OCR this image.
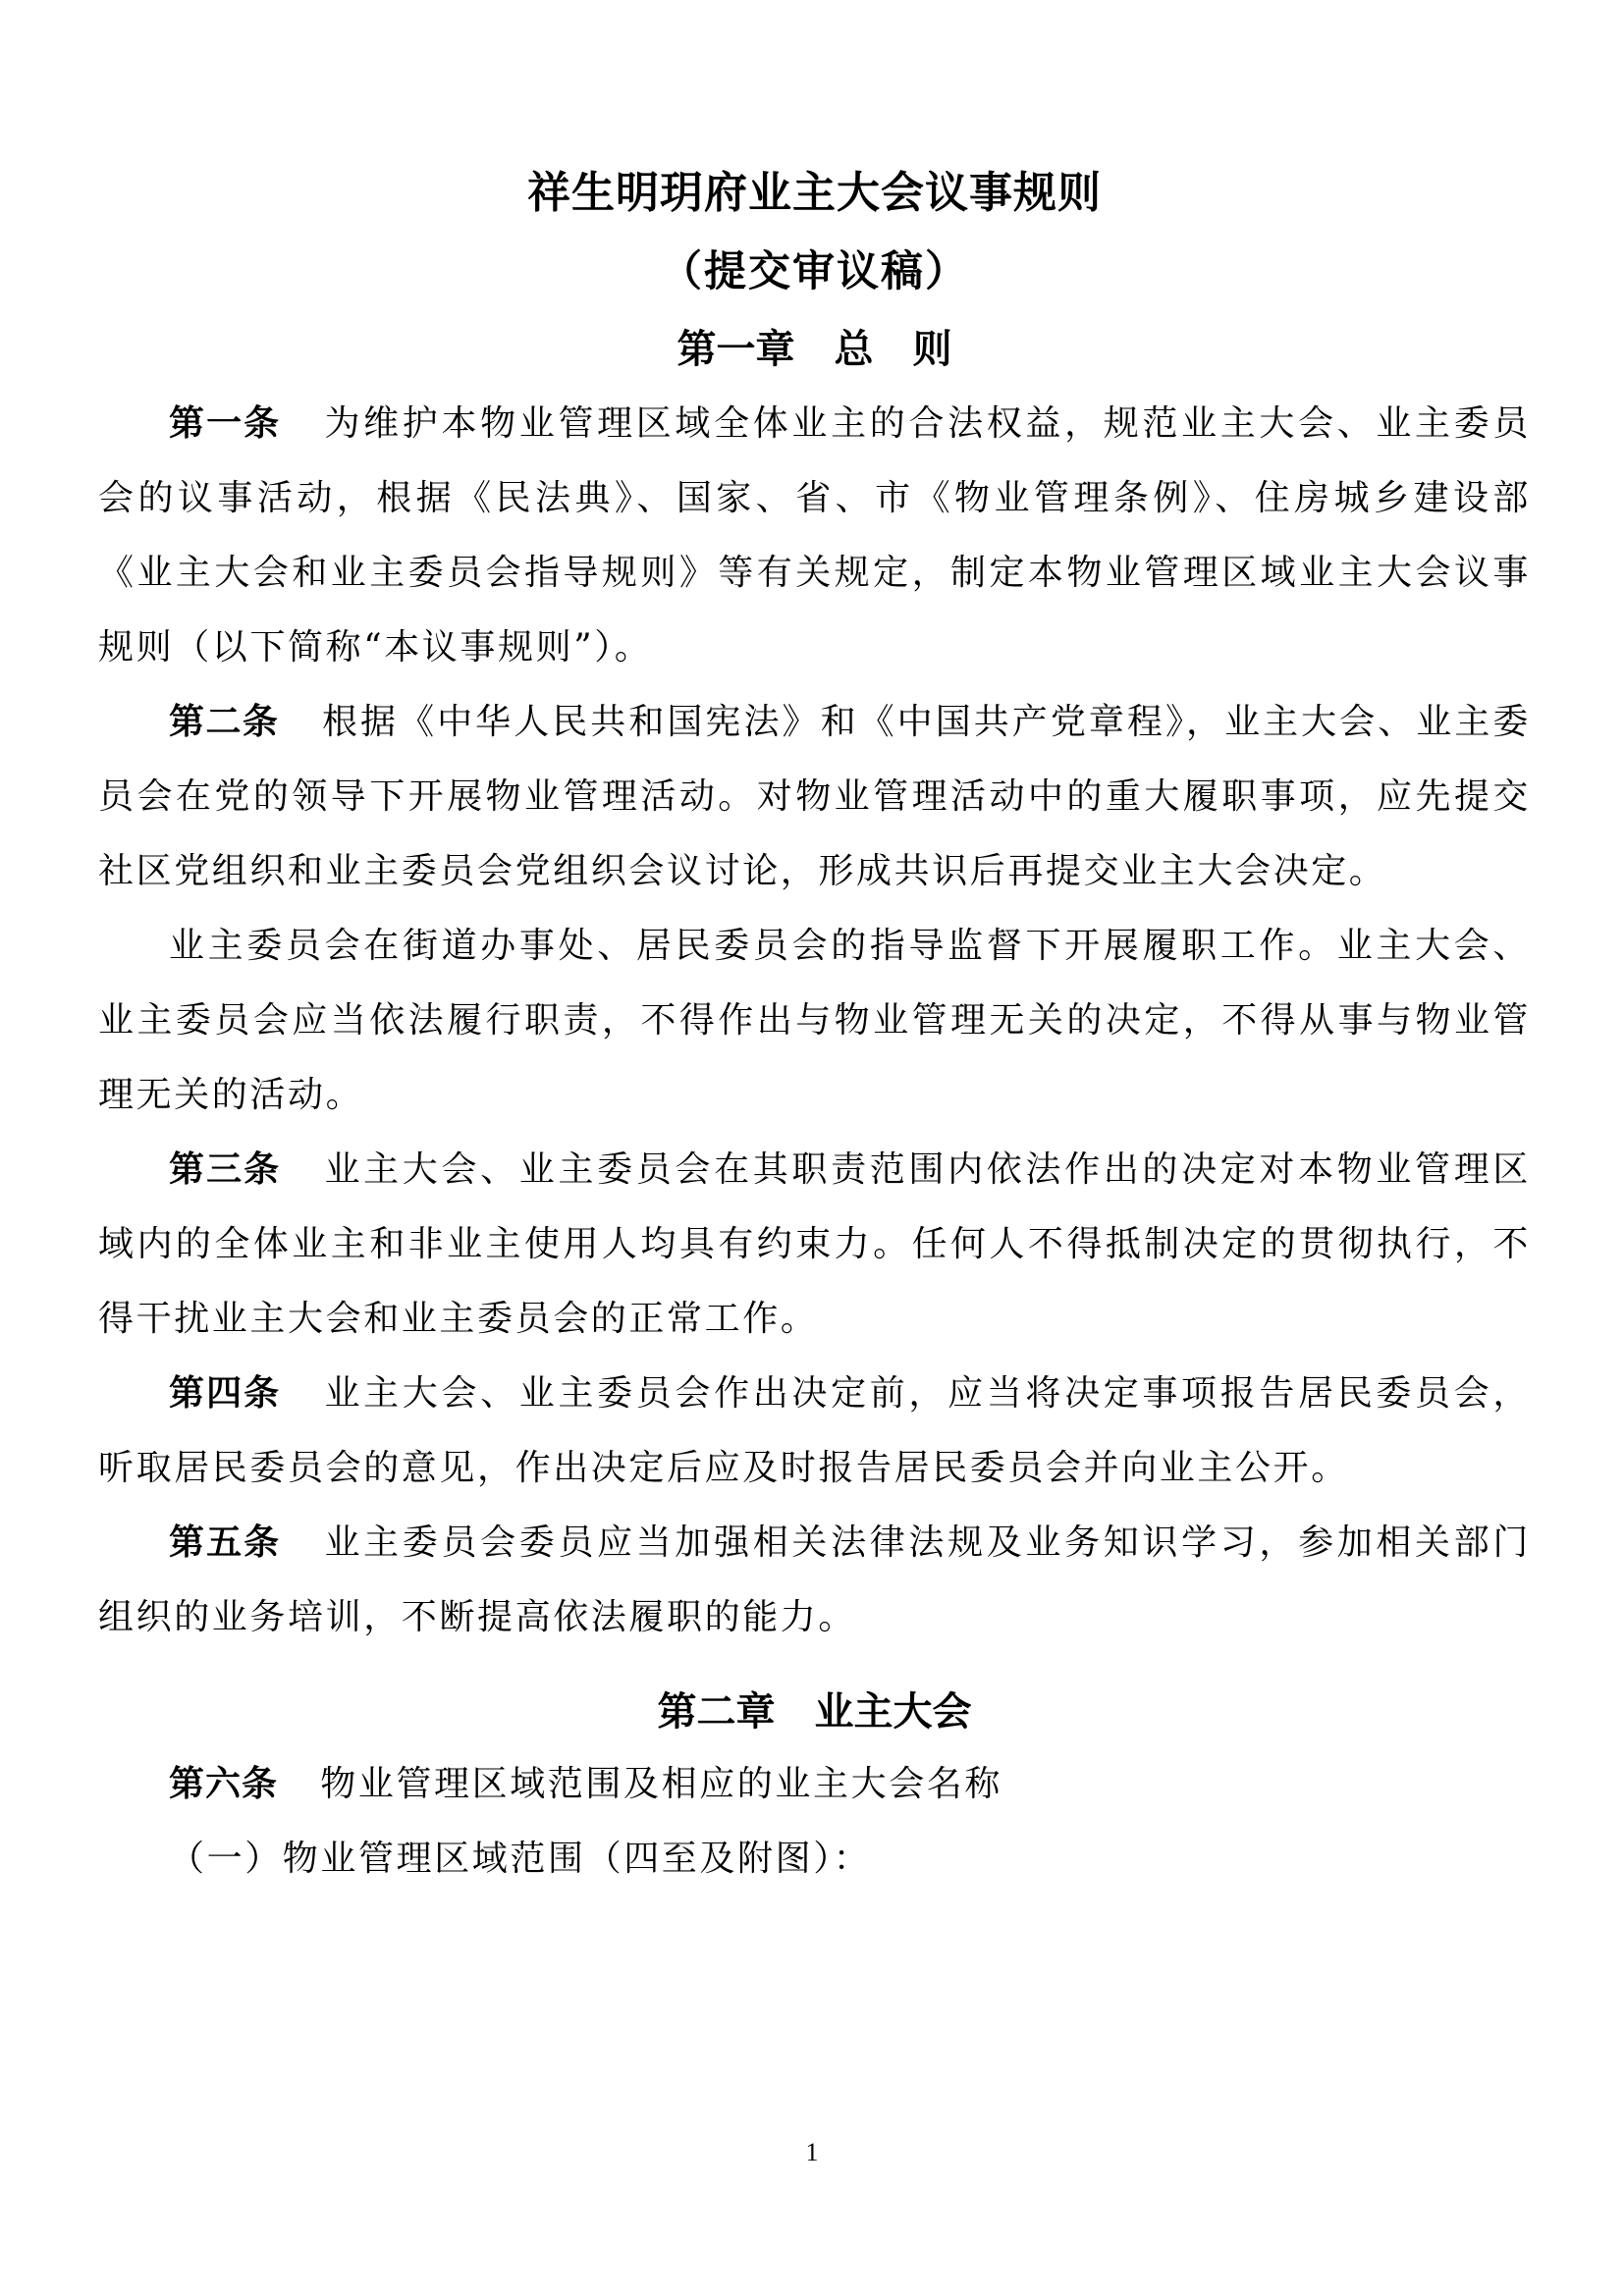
祥生明玥府业主大会议事规则
（提交审议稿）
第一章　总　则

第一条 为维护本物业管理区域全体业主的合法权益，规范业主大会、业主委员会的议事活动，根据《民法典》、国家、省、市《物业管理条例》、住房城乡建设部《业主大会和业主委员会指导规则》等有关规定，制定本物业管理区域业主大会议事规则（以下简称“本议事规则”）。

第二条 根据《中华人民共和国宪法》和《中国共产党章程》，业主大会、业主委员会在党的领导下开展物业管理活动。对物业管理活动中的重大履职事项，应先提交社区党组织和业主委员会党组织会议讨论，形成共识后再提交业主大会决定。

业主委员会在街道办事处、居民委员会的指导监督下开展履职工作。业主大会、业主委员会应当依法履行职责，不得作出与物业管理无关的决定，不得从事与物业管理无关的活动。

第三条 业主大会、业主委员会在其职责范围内依法作出的决定对本物业管理区域内的全体业主和非业主使用人均具有约束力。任何人不得抵制决定的贯彻执行，不得干扰业主大会和业主委员会的正常工作。

第四条 业主大会、业主委员会作出决定前，应当将决定事项报告居民委员会，听取居民委员会的意见，作出决定后应及时报告居民委员会并向业主公开。

第五条 业主委员会委员应当加强相关法律法规及业务知识学习，参加相关部门组织的业务培训，不断提高依法履职的能力。

第二章　业主大会

第六条 物业管理区域范围及相应的业主大会名称

（一）物业管理区域范围（四至及附图）：

1
